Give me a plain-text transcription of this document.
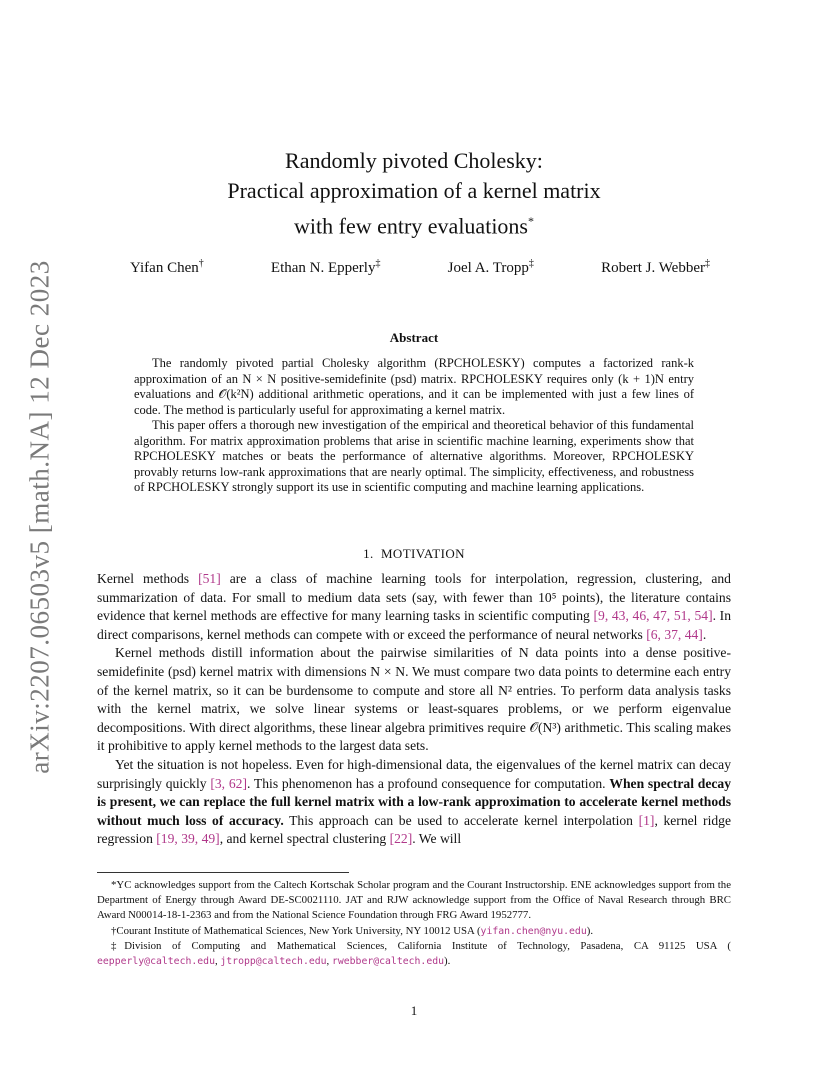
arXiv:2207.06503v5 [math.NA] 12 Dec 2023
Randomly pivoted Cholesky:
Practical approximation of a kernel matrix
with few entry evaluations*
Yifan Chen†	Ethan N. Epperly‡	Joel A. Tropp‡	Robert J. Webber‡
Abstract

The randomly pivoted partial Cholesky algorithm (RPCHOLESKY) computes a factorized rank-k approximation of an N × N positive-semidefinite (psd) matrix. RPCHOLESKY requires only (k + 1)N entry evaluations and 𝒪(k²N) additional arithmetic operations, and it can be implemented with just a few lines of code. The method is particularly useful for approximating a kernel matrix.

This paper offers a thorough new investigation of the empirical and theoretical behavior of this fundamental algorithm. For matrix approximation problems that arise in scientific machine learning, experiments show that RPCHOLESKY matches or beats the performance of alternative algorithms. Moreover, RPCHOLESKY provably returns low-rank approximations that are nearly optimal. The simplicity, effectiveness, and robustness of RPCHOLESKY strongly support its use in scientific computing and machine learning applications.

1. MOTIVATION

Kernel methods [51] are a class of machine learning tools for interpolation, regression, clustering, and summarization of data. For small to medium data sets (say, with fewer than 10⁵ points), the literature contains evidence that kernel methods are effective for many learning tasks in scientific computing [9, 43, 46, 47, 51, 54]. In direct comparisons, kernel methods can compete with or exceed the performance of neural networks [6, 37, 44].

Kernel methods distill information about the pairwise similarities of N data points into a dense positive-semidefinite (psd) kernel matrix with dimensions N × N. We must compare two data points to determine each entry of the kernel matrix, so it can be burdensome to compute and store all N² entries. To perform data analysis tasks with the kernel matrix, we solve linear systems or least-squares problems, or we perform eigenvalue decompositions. With direct algorithms, these linear algebra primitives require 𝒪(N³) arithmetic. This scaling makes it prohibitive to apply kernel methods to the largest data sets.

Yet the situation is not hopeless. Even for high-dimensional data, the eigenvalues of the kernel matrix can decay surprisingly quickly [3, 62]. This phenomenon has a profound consequence for computation. When spectral decay is present, we can replace the full kernel matrix with a low-rank approximation to accelerate kernel methods without much loss of accuracy. This approach can be used to accelerate kernel interpolation [1], kernel ridge regression [19, 39, 49], and kernel spectral clustering [22]. We will

*YC acknowledges support from the Caltech Kortschak Scholar program and the Courant Instructorship. ENE acknowledges support from the Department of Energy through Award DE-SC0021110. JAT and RJW acknowledge support from the Office of Naval Research through BRC Award N00014-18-1-2363 and from the National Science Foundation through FRG Award 1952777.

†Courant Institute of Mathematical Sciences, New York University, NY 10012 USA (yifan.chen@nyu.edu).

‡Division of Computing and Mathematical Sciences, California Institute of Technology, Pasadena, CA 91125 USA ( eepperly@caltech.edu, jtropp@caltech.edu, rwebber@caltech.edu).

1
